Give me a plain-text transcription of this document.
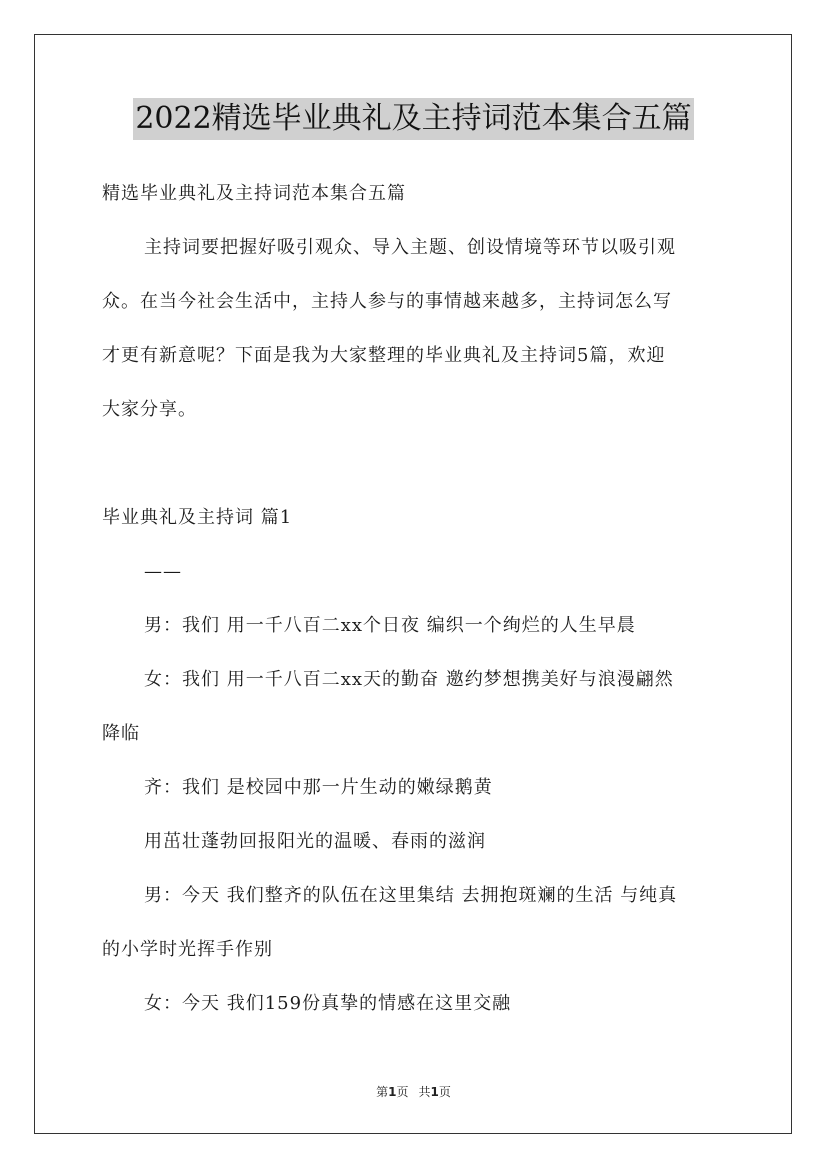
2022精选毕业典礼及主持词范本集合五篇
精选毕业典礼及主持词范本集合五篇
主持词要把握好吸引观众、导入主题、创设情境等环节以吸引观
众。在当今社会生活中，主持人参与的事情越来越多，主持词怎么写
才更有新意呢？下面是我为大家整理的毕业典礼及主持词5篇，欢迎
大家分享。
毕业典礼及主持词 篇1
——
男：我们 用一千八百二xx个日夜 编织一个绚烂的人生早晨
女：我们 用一千八百二xx天的勤奋 邀约梦想携美好与浪漫翩然
降临
齐：我们 是校园中那一片生动的嫩绿鹅黄
用茁壮蓬勃回报阳光的温暖、春雨的滋润
男：今天 我们整齐的队伍在这里集结 去拥抱斑斓的生活 与纯真
的小学时光挥手作别
女：今天 我们159份真挚的情感在这里交融
第1页 共1页
